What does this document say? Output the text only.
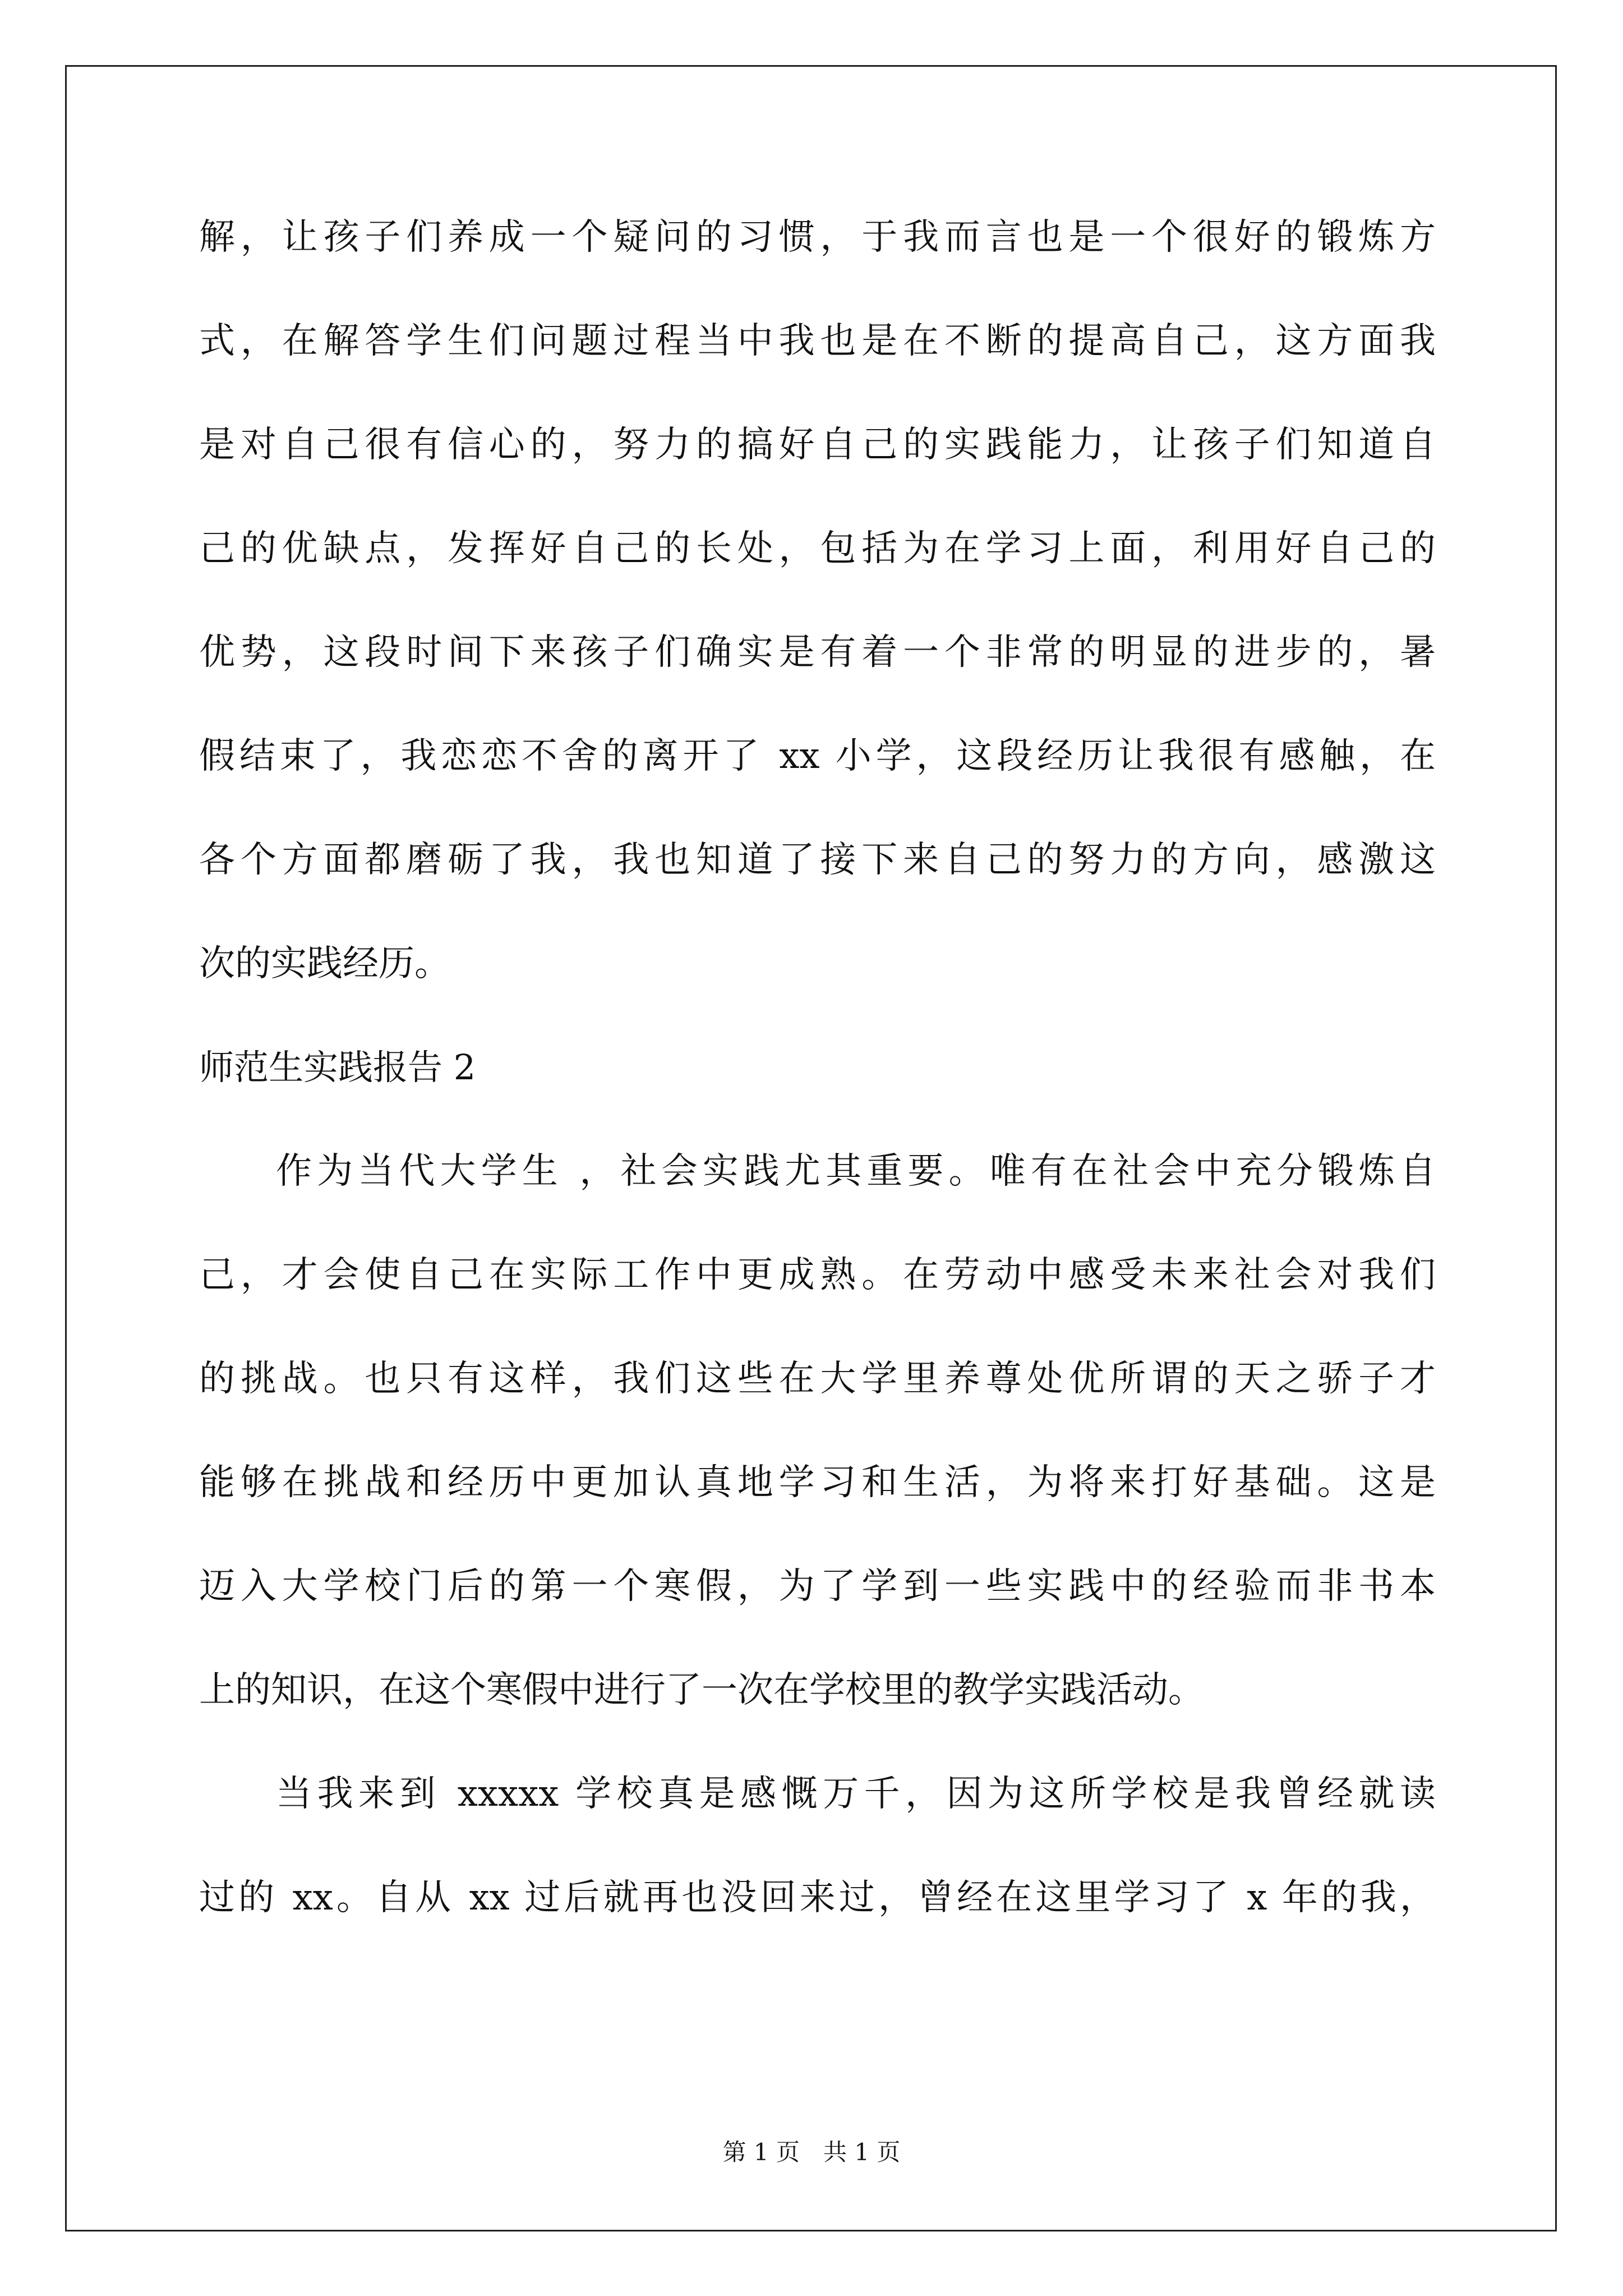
解，让孩子们养成一个疑问的习惯，于我而言也是一个很好的锻炼方
式，在解答学生们问题过程当中我也是在不断的提高自己，这方面我
是对自己很有信心的，努力的搞好自己的实践能力，让孩子们知道自
己的优缺点，发挥好自己的长处，包括为在学习上面，利用好自己的
优势，这段时间下来孩子们确实是有着一个非常的明显的进步的，暑
假结束了，我恋恋不舍的离开了 xx 小学，这段经历让我很有感触，在
各个方面都磨砺了我，我也知道了接下来自己的努力的方向，感激这
次的实践经历。
师范生实践报告 2
作为当代大学生 ，社会实践尤其重要。唯有在社会中充分锻炼自
己，才会使自己在实际工作中更成熟。在劳动中感受未来社会对我们
的挑战。也只有这样，我们这些在大学里养尊处优所谓的天之骄子才
能够在挑战和经历中更加认真地学习和生活，为将来打好基础。这是
迈入大学校门后的第一个寒假，为了学到一些实践中的经验而非书本
上的知识，在这个寒假中进行了一次在学校里的教学实践活动。
当我来到 xxxxx 学校真是感慨万千，因为这所学校是我曾经就读
过的 xx。自从 xx 过后就再也没回来过，曾经在这里学习了 x 年的我，
第 1 页　共 1 页
